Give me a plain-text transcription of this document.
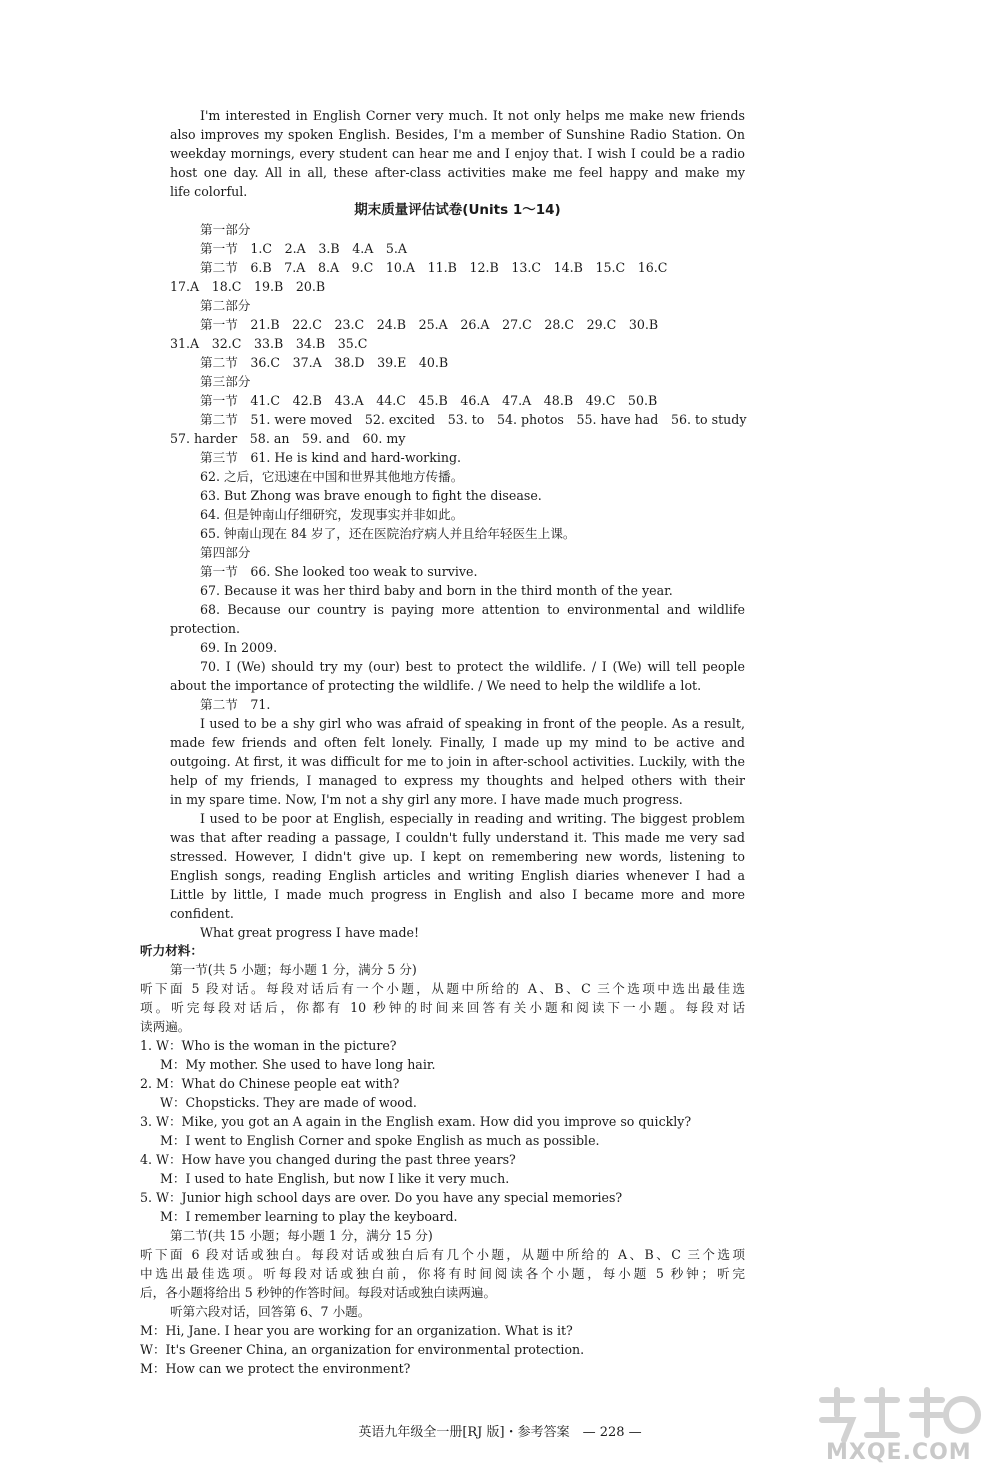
I'm interested in English Corner very much. It not only helps me make new friends
also improves my spoken English. Besides, I'm a member of Sunshine Radio Station. On
weekday mornings, every student can hear me and I enjoy that. I wish I could be a radio
host one day. All in all, these after-class activities make me feel happy and make my
life colorful.
期末质量评估试卷(Units 1～14)
第一部分
第一节　1.C　2.A　3.B　4.A　5.A
第二节　6.B　7.A　8.A　9.C　10.A　11.B　12.B　13.C　14.B　15.C　16.C
17.A　18.C　19.B　20.B
第二部分
第一节　21.B　22.C　23.C　24.B　25.A　26.A　27.C　28.C　29.C　30.B
31.A　32.C　33.B　34.B　35.C
第二节　36.C　37.A　38.D　39.E　40.B
第三部分
第一节　41.C　42.B　43.A　44.C　45.B　46.A　47.A　48.B　49.C　50.B
第二节　51. were moved　52. excited　53. to　54. photos　55. have had　56. to study
57. harder　58. an　59. and　60. my
第三节　61. He is kind and hard-working.
62. 之后，它迅速在中国和世界其他地方传播。
63. But Zhong was brave enough to fight the disease.
64. 但是钟南山仔细研究，发现事实并非如此。
65. 钟南山现在 84 岁了，还在医院治疗病人并且给年轻医生上课。
第四部分
第一节　66. She looked too weak to survive.
67. Because it was her third baby and born in the third month of the year.
68. Because our country is paying more attention to environmental and wildlife
protection.
69. In 2009.
70. I (We) should try my (our) best to protect the wildlife. / I (We) will tell people
about the importance of protecting the wildlife. / We need to help the wildlife a lot.
第二节　71.
I used to be a shy girl who was afraid of speaking in front of the people. As a result,
made few friends and often felt lonely. Finally, I made up my mind to be active and
outgoing. At first, it was difficult for me to join in after-school activities. Luckily, with the
help of my friends, I managed to express my thoughts and helped others with their
in my spare time. Now, I'm not a shy girl any more. I have made much progress.
I used to be poor at English, especially in reading and writing. The biggest problem
was that after reading a passage, I couldn't fully understand it. This made me very sad
stressed. However, I didn't give up. I kept on remembering new words, listening to
English songs, reading English articles and writing English diaries whenever I had a
Little by little, I made much progress in English and also I became more and more
confident.
What great progress I have made!
听力材料：
第一节(共 5 小题；每小题 1 分，满分 5 分)
听下面 5 段对话。每段对话后有一个小题，从题中所给的 A、B、C 三个选项中选出最佳选
项。听完每段对话后，你都有 10 秒钟的时间来回答有关小题和阅读下一小题。每段对话
读两遍。
1. W：Who is the woman in the picture?
M：My mother. She used to have long hair.
2. M：What do Chinese people eat with?
W：Chopsticks. They are made of wood.
3. W：Mike, you got an A again in the English exam. How did you improve so quickly?
M：I went to English Corner and spoke English as much as possible.
4. W：How have you changed during the past three years?
M：I used to hate English, but now I like it very much.
5. W：Junior high school days are over. Do you have any special memories?
M：I remember learning to play the keyboard.
第二节(共 15 小题；每小题 1 分，满分 15 分)
听下面 6 段对话或独白。每段对话或独白后有几个小题，从题中所给的 A、B、C 三个选项
中选出最佳选项。听每段对话或独白前，你将有时间阅读各个小题，每小题 5 秒钟；听完
后，各小题将给出 5 秒钟的作答时间。每段对话或独白读两遍。
听第六段对话，回答第 6、7 小题。
M：Hi, Jane. I hear you are working for an organization. What is it?
W：It's Greener China, an organization for environmental protection.
M：How can we protect the environment?
英语九年级全一册[RJ 版]・参考答案　— 228 —
MXQE.COM
